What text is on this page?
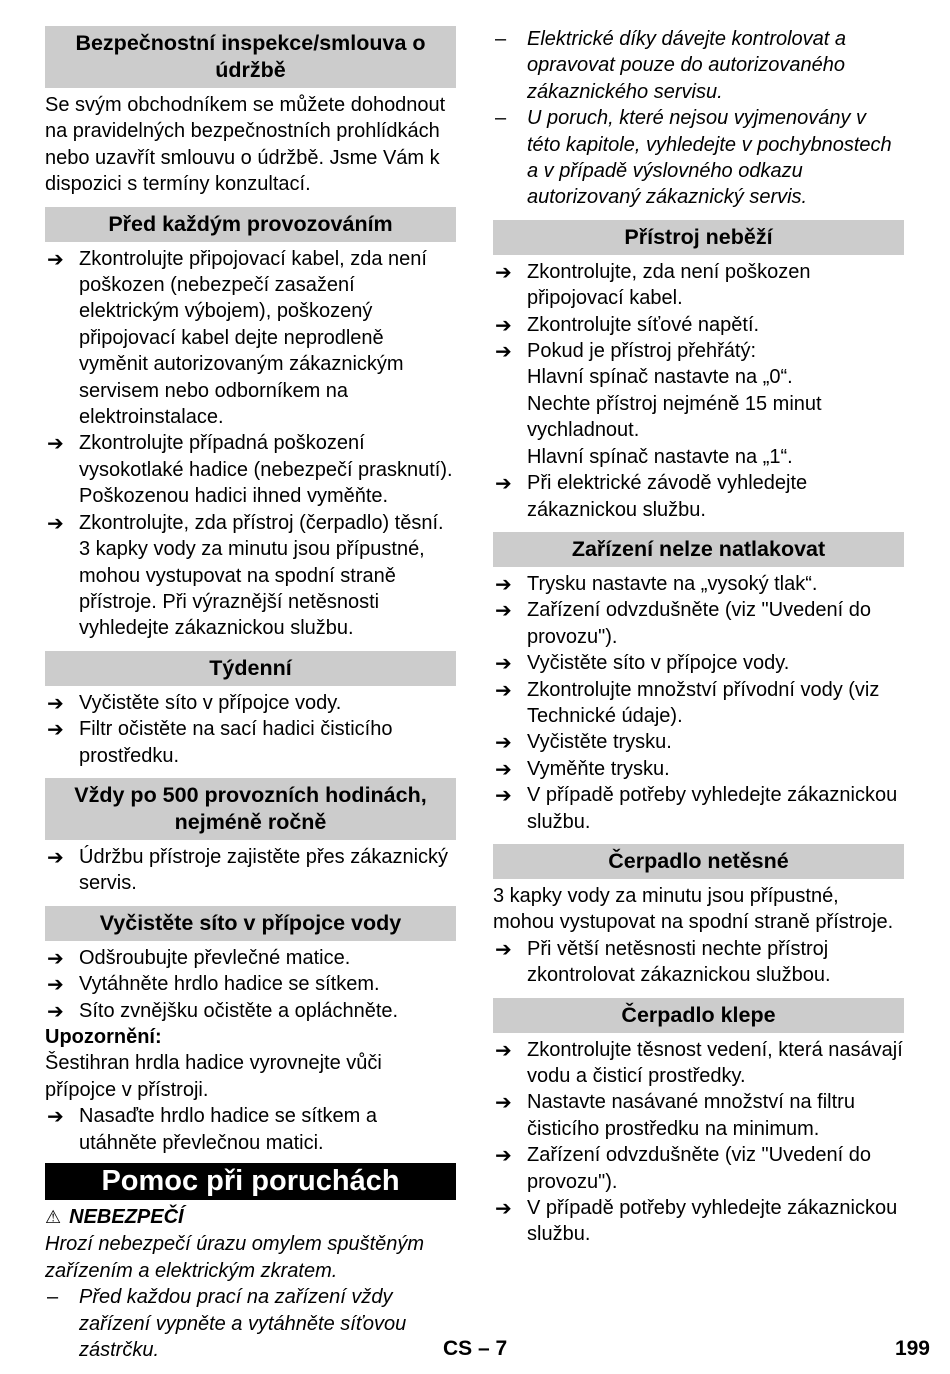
Bezpečnostní inspekce/smlouva o údržbě

Se svým obchodníkem se můžete dohodnout na pravidelných bezpečnostních prohlídkách nebo uzavřít smlouvu o údržbě. Jsme Vám k dispozici s termíny konzultací.

Před každým provozováním
➔ Zkontrolujte připojovací kabel, zda není poškozen (nebezpečí zasažení elektrickým výbojem), poškozený připojovací kabel dejte neprodleně vyměnit autorizovaným zákaznickým servisem nebo odborníkem na elektroinstalace.
➔ Zkontrolujte případná poškození vysokotlaké hadice (nebezpečí prasknutí). Poškozenou hadici ihned vyměňte.
➔ Zkontrolujte, zda přístroj (čerpadlo) těsní. 3 kapky vody za minutu jsou přípustné, mohou vystupovat na spodní straně přístroje. Při výraznější netěsnosti vyhledejte zákaznickou službu.
Týdenní
➔ Vyčistěte síto v přípojce vody.
➔ Filtr očistěte na sací hadici čisticího prostředku.
Vždy po 500 provozních hodinách, nejméně ročně
➔ Údržbu přístroje zajistěte přes zákaznický servis.
Vyčistěte síto v přípojce vody
➔ Odšroubujte převlečné matice.
➔ Vytáhněte hrdlo hadice se sítkem.
➔ Síto zvnějšku očistěte a opláchněte.

Upozornění:

Šestihran hrdla hadice vyrovnejte vůči přípojce v přístroji.

➔ Nasaďte hrdlo hadice se sítkem a utáhněte převlečnou matici.
Pomoc při poruchách

⚠ NEBEZPEČÍ

Hrozí nebezpečí úrazu omylem spuštěným zařízením a elektrickým zkratem.

– Před každou prací na zařízení vždy zařízení vypněte a vytáhněte síťovou zástrčku.
– Elektrické díky dávejte kontrolovat a opravovat pouze do autorizovaného zákaznického servisu.
– U poruch, které nejsou vyjmenovány v této kapitole, vyhledejte v pochybnostech a v případě výslovného odkazu autorizovaný zákaznický servis.
Přístroj neběží
➔ Zkontrolujte, zda není poškozen připojovací kabel.
➔ Zkontrolujte síťové napětí.
➔ Pokud je přístroj přehřátý:
Hlavní spínač nastavte na „0“.
Nechte přístroj nejméně 15 minut vychladnout.
Hlavní spínač nastavte na „1“.
➔ Při elektrické závodě vyhledejte zákaznickou službu.
Zařízení nelze natlakovat
➔ Trysku nastavte na „vysoký tlak“.
➔ Zařízení odvzdušněte (viz "Uvedení do provozu").
➔ Vyčistěte síto v přípojce vody.
➔ Zkontrolujte množství přívodní vody (viz Technické údaje).
➔ Vyčistěte trysku.
➔ Vyměňte trysku.
➔ V případě potřeby vyhledejte zákaznickou službu.
Čerpadlo netěsné

3 kapky vody za minutu jsou přípustné, mohou vystupovat na spodní straně přístroje.

➔ Při větší netěsnosti nechte přístroj zkontrolovat zákaznickou službou.
Čerpadlo klepe
➔ Zkontrolujte těsnost vedení, která nasávají vodu a čisticí prostředky.
➔ Nastavte nasávané množství na filtru čisticího prostředku na minimum.
➔ Zařízení odvzdušněte (viz "Uvedení do provozu").
➔ V případě potřeby vyhledejte zákaznickou službu.
CS – 7	199
